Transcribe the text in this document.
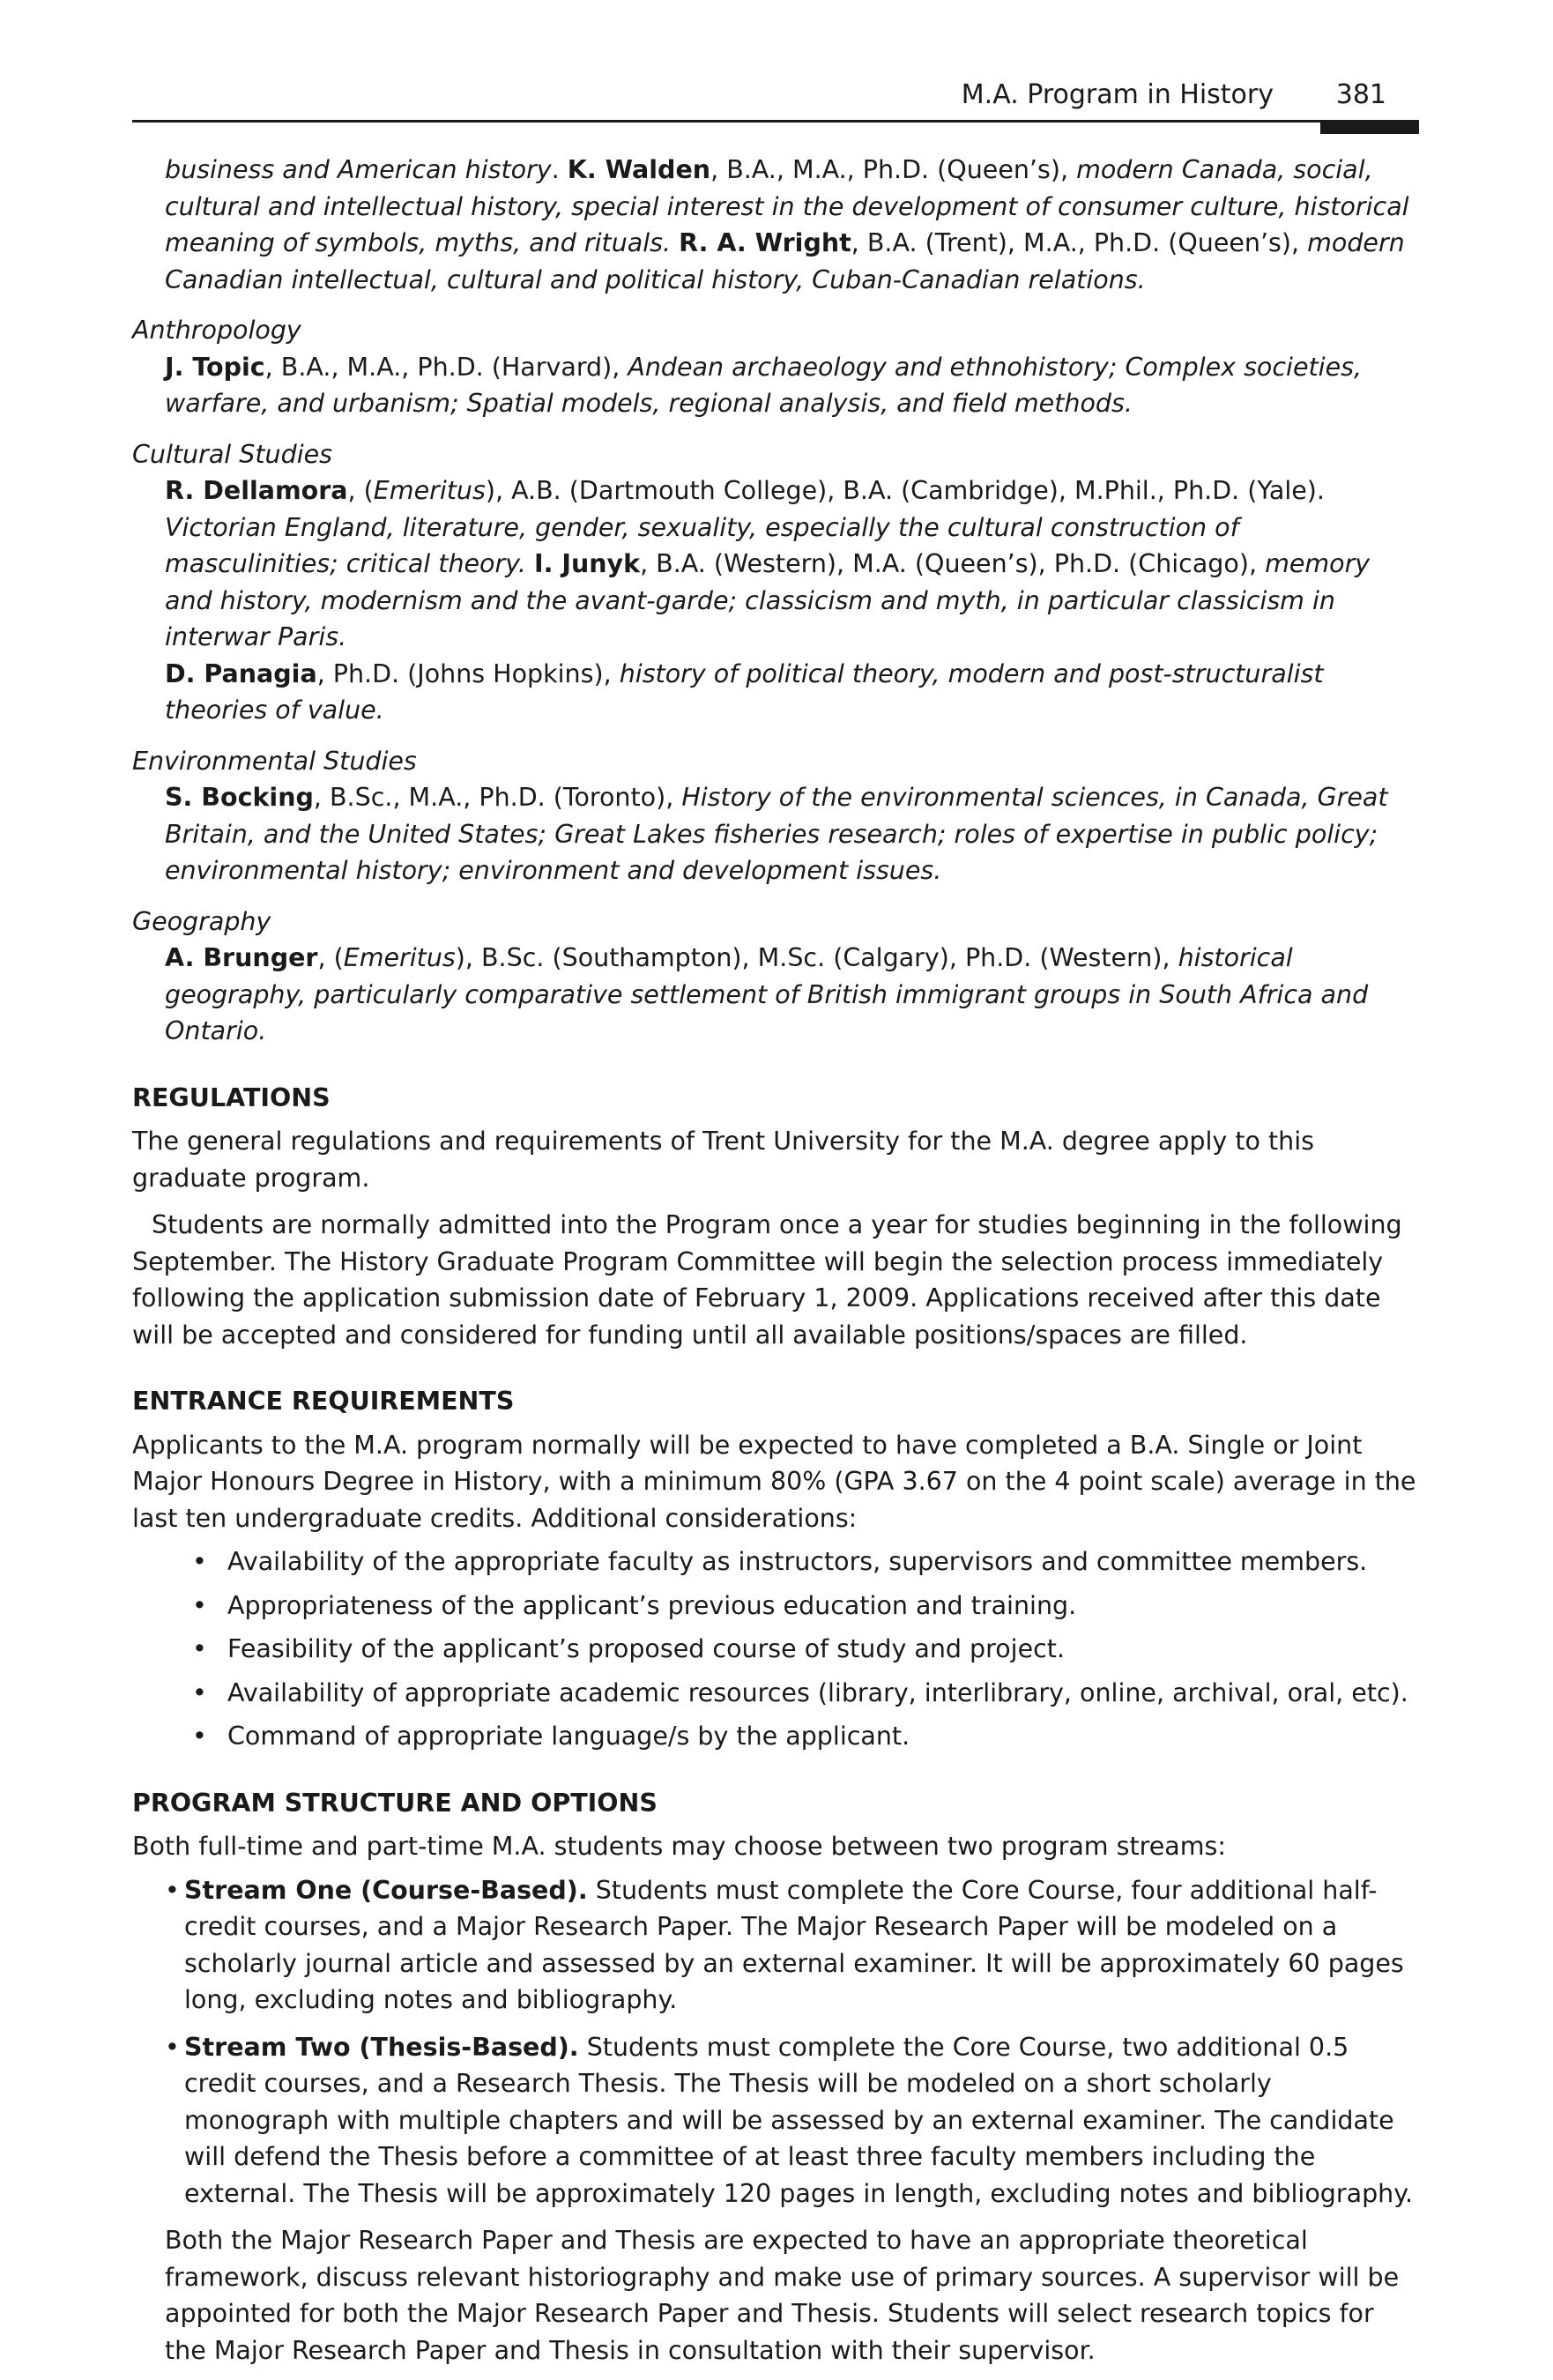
M.A. Program in History 381

business and American history. K. Walden, B.A., M.A., Ph.D. (Queen’s), modern Canada, social, cultural and intellectual history, special interest in the development of consumer culture, historical meaning of symbols, myths, and rituals. R. A. Wright, B.A. (Trent), M.A., Ph.D. (Queen’s), modern Canadian intellectual, cultural and political history, Cuban-Canadian relations.

Anthropology

J. Topic, B.A., M.A., Ph.D. (Harvard), Andean archaeology and ethnohistory; Complex societies, warfare, and urbanism; Spatial models, regional analysis, and field methods.

Cultural Studies

R. Dellamora, (Emeritus), A.B. (Dartmouth College), B.A. (Cambridge), M.Phil., Ph.D. (Yale).
Victorian England, literature, gender, sexuality, especially the cultural construction of masculinities; critical theory. I. Junyk, B.A. (Western), M.A. (Queen’s), Ph.D. (Chicago), memory and history, modernism and the avant-garde; classicism and myth, in particular classicism in interwar Paris.

D. Panagia, Ph.D. (Johns Hopkins), history of political theory, modern and post-structuralist theories of value.

Environmental Studies

S. Bocking, B.Sc., M.A., Ph.D. (Toronto), History of the environmental sciences, in Canada, Great Britain, and the United States; Great Lakes fisheries research; roles of expertise in public policy; environmental history; environment and development issues.

Geography

A. Brunger, (Emeritus), B.Sc. (Southampton), M.Sc. (Calgary), Ph.D. (Western), historical geography, particularly comparative settlement of British immigrant groups in South Africa and Ontario.

REGULATIONS

The general regulations and requirements of Trent University for the M.A. degree apply to this graduate program.

Students are normally admitted into the Program once a year for studies beginning in the following September. The History Graduate Program Committee will begin the selection process immediately following the application submission date of February 1, 2009. Applications received after this date will be accepted and considered for funding until all available positions/spaces are filled.

ENTRANCE REQUIREMENTS

Applicants to the M.A. program normally will be expected to have completed a B.A. Single or Joint Major Honours Degree in History, with a minimum 80% (GPA 3.67 on the 4 point scale) average in the last ten undergraduate credits. Additional considerations:

• Availability of the appropriate faculty as instructors, supervisors and committee members.
• Appropriateness of the applicant’s previous education and training.
• Feasibility of the applicant’s proposed course of study and project.
• Availability of appropriate academic resources (library, interlibrary, online, archival, oral, etc).
• Command of appropriate language/s by the applicant.
PROGRAM STRUCTURE AND OPTIONS

Both full-time and part-time M.A. students may choose between two program streams:

• Stream One (Course-Based). Students must complete the Core Course, four additional half-credit courses, and a Major Research Paper. The Major Research Paper will be modeled on a scholarly journal article and assessed by an external examiner. It will be approximately 60 pages long, excluding notes and bibliography.
• Stream Two (Thesis-Based). Students must complete the Core Course, two additional 0.5 credit courses, and a Research Thesis. The Thesis will be modeled on a short scholarly monograph with multiple chapters and will be assessed by an external examiner. The candidate will defend the Thesis before a committee of at least three faculty members including the external. The Thesis will be approximately 120 pages in length, excluding notes and bibliography.

Both the Major Research Paper and Thesis are expected to have an appropriate theoretical framework, discuss relevant historiography and make use of primary sources. A supervisor will be appointed for both the Major Research Paper and Thesis. Students will select research topics for the Major Research Paper and Thesis in consultation with their supervisor.
